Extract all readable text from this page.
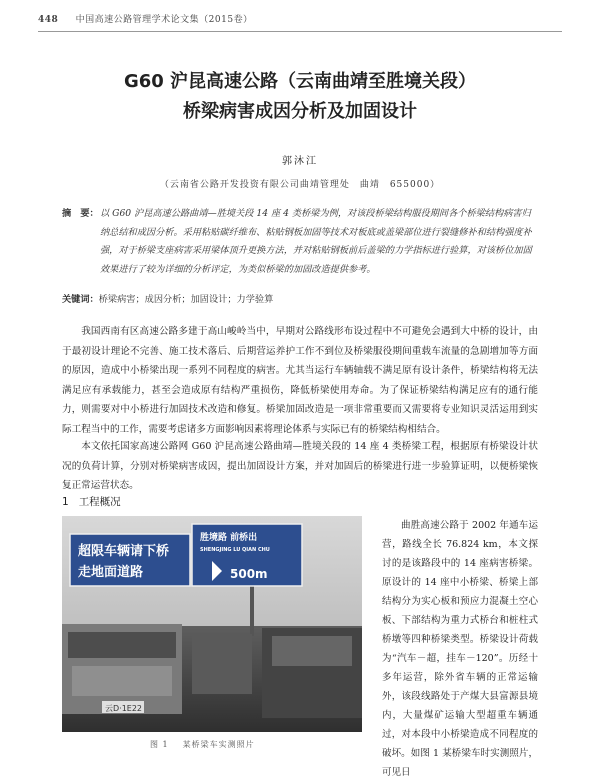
448 中国高速公路管理学术论文集（2015卷）
G60 沪昆高速公路（云南曲靖至胜境关段）
桥梁病害成因分析及加固设计
郭沐江
（云南省公路开发投资有限公司曲靖管理处　曲靖　655000）
摘　要： 以 G60 沪昆高速公路曲靖—胜境关段 14 座 4 类桥梁为例，对该段桥梁结构服役期间各个桥梁结构病害归纳总结和成因分析。采用粘贴碳纤维布、粘贴钢板加固等技术对板底或盖梁部位进行裂缝修补和结构强度补强，对于桥梁支座病害采用梁体顶升更换方法，并对粘贴钢板前后盖梁的力学指标进行验算，对该桥位加固效果进行了较为详细的分析评定，为类似桥梁的加固改造提供参考。
关键词：桥梁病害；成因分析；加固设计；力学验算
我国西南有区高速公路多建于高山峻岭当中，早期对公路线形布设过程中不可避免会遇到大中桥的设计，由于最初设计理论不完善、施工技术落后、后期营运养护工作不到位及桥梁服役期间重载车流量的急剧增加等方面的原因，造成中小桥梁出现一系列不同程度的病害。尤其当运行车辆轴载不满足原有设计条件，桥梁结构将无法满足应有承载能力，甚至会造成原有结构严重损伤，降低桥梁使用寿命。为了保证桥梁结构满足应有的通行能力，则需要对中小桥进行加固技术改造和修复。桥梁加固改造是一项非常重要而又需要将专业知识灵活运用到实际工程当中的工作，需要考虑诸多方面影响因素将理论体系与实际已有的桥梁结构相结合。
本文依托国家高速公路网 G60 沪昆高速公路曲靖—胜境关段的 14 座 4 类桥梁工程，根据原有桥梁设计状况的负荷计算，分别对桥梁病害成因，提出加固设计方案，并对加固后的桥梁进行进一步验算证明，以便桥梁恢复正常运营状态。
1 工程概况
超限车辆请下桥
走地面道路
胜境路 前桥出
SHENGJING LU QIAN CHU
500m
云D·1E22
图 1 某桥梁车实测照片
曲胜高速公路于 2002 年通车运营，路线全长 76.824 km，本文探讨的是该路段中的 14 座病害桥梁。原设计的 14 座中小桥梁、桥梁上部结构分为实心板和预应力混凝土空心板、下部结构为重力式桥台和桩柱式桥墩等四种桥梁类型。桥梁设计荷载为“汽车－超，挂车－120”。历经十多年运营，除外省车辆的正常运输外，该段线路处于产煤大县富源县境内，大量煤矿运输大型超重车辆通过，对本段中小桥梁造成不同程度的破坏。如图 1 某桥梁车时实测照片，可见日
